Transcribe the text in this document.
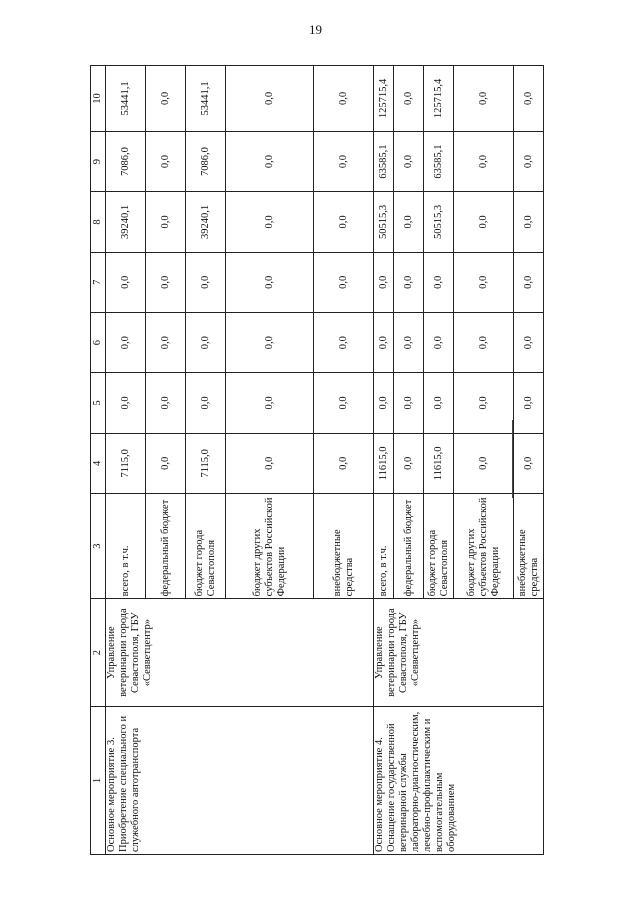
19
1	2	3	4	5	6	7	8	9	10
Основное мероприятие 3. Приобретение специального и служебного автотранспорта	Управление ветеринарии города Севастополя, ГБУ «Севветцентр»	всего, в т.ч.	7115,0	0,0	0,0	0,0	39240,1	7086,0	53441,1
		федеральный бюджет	0,0	0,0	0,0	0,0	0,0	0,0	0,0
		бюджет города Севастополя	7115,0	0,0	0,0	0,0	39240,1	7086,0	53441,1
		бюджет других субъектов Российской Федерации	0,0	0,0	0,0	0,0	0,0	0,0	0,0
		внебюджетные средства	0,0	0,0	0,0	0,0	0,0	0,0	0,0
Основное мероприятие 4. Оснащение государственной ветеринарной службы лабораторно-диагностическим, лечебно-профилактическим и вспомогательным оборудованием	Управление ветеринарии города Севастополя, ГБУ «Севветцентр»	всего, в т.ч.	11615,0	0,0	0,0	0,0	50515,3	63585,1	125715,4
		федеральный бюджет	0,0	0,0	0,0	0,0	0,0	0,0	0,0
		бюджет города Севастополя	11615,0	0,0	0,0	0,0	50515,3	63585,1	125715,4
		бюджет других субъектов Российской Федерации	0,0	0,0	0,0	0,0	0,0	0,0	0,0
		внебюджетные средства	0,0	0,0	0,0	0,0	0,0	0,0	0,0
